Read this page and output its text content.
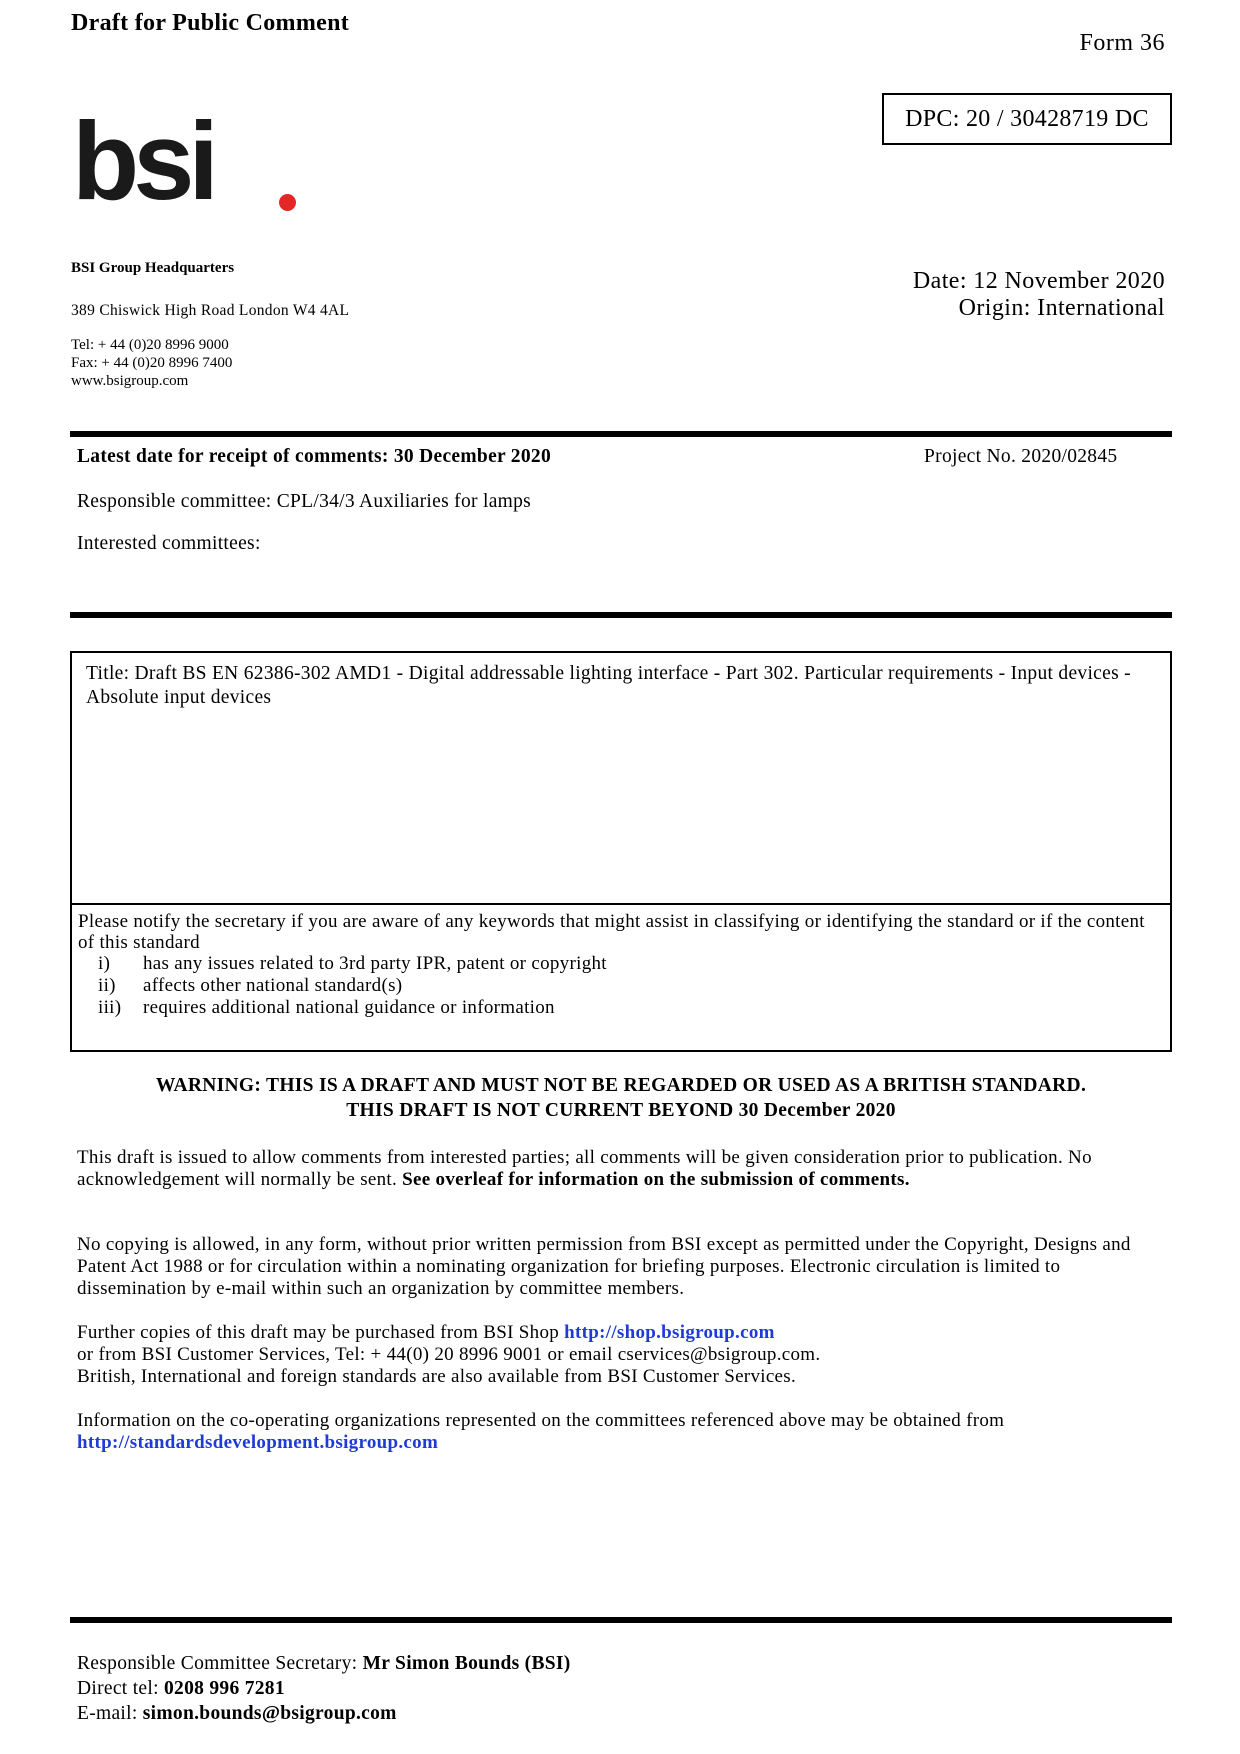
Draft for Public Comment
Form 36
DPC: 20 / 30428719 DC
bsi
BSI Group Headquarters
389 Chiswick High Road London W4 4AL
Tel: + 44 (0)20 8996 9000
Fax: + 44 (0)20 8996 7400
www.bsigroup.com
Date: 12 November 2020
Origin: International
Latest date for receipt of comments: 30 December 2020	Project No. 2020/02845
Responsible committee: CPL/34/3 Auxiliaries for lamps
Interested committees:
Title: Draft BS EN 62386-302 AMD1 - Digital addressable lighting interface - Part 302. Particular requirements - Input devices - Absolute input devices
Please notify the secretary if you are aware of any keywords that might assist in classifying or identifying the standard or if the content of this standard
i)	has any issues related to 3rd party IPR, patent or copyright
ii)	affects other national standard(s)
iii)	requires additional national guidance or information
WARNING: THIS IS A DRAFT AND MUST NOT BE REGARDED OR USED AS A BRITISH STANDARD.
THIS DRAFT IS NOT CURRENT BEYOND 30 December 2020
This draft is issued to allow comments from interested parties; all comments will be given consideration prior to publication. No acknowledgement will normally be sent. See overleaf for information on the submission of comments.
No copying is allowed, in any form, without prior written permission from BSI except as permitted under the Copyright, Designs and Patent Act 1988 or for circulation within a nominating organization for briefing purposes. Electronic circulation is limited to dissemination by e-mail within such an organization by committee members.
Further copies of this draft may be purchased from BSI Shop http://shop.bsigroup.com
or from BSI Customer Services, Tel: + 44(0) 20 8996 9001 or email cservices@bsigroup.com.
British, International and foreign standards are also available from BSI Customer Services.
Information on the co-operating organizations represented on the committees referenced above may be obtained from
http://standardsdevelopment.bsigroup.com
Responsible Committee Secretary: Mr Simon Bounds (BSI)
Direct tel: 0208 996 7281
E-mail: simon.bounds@bsigroup.com
